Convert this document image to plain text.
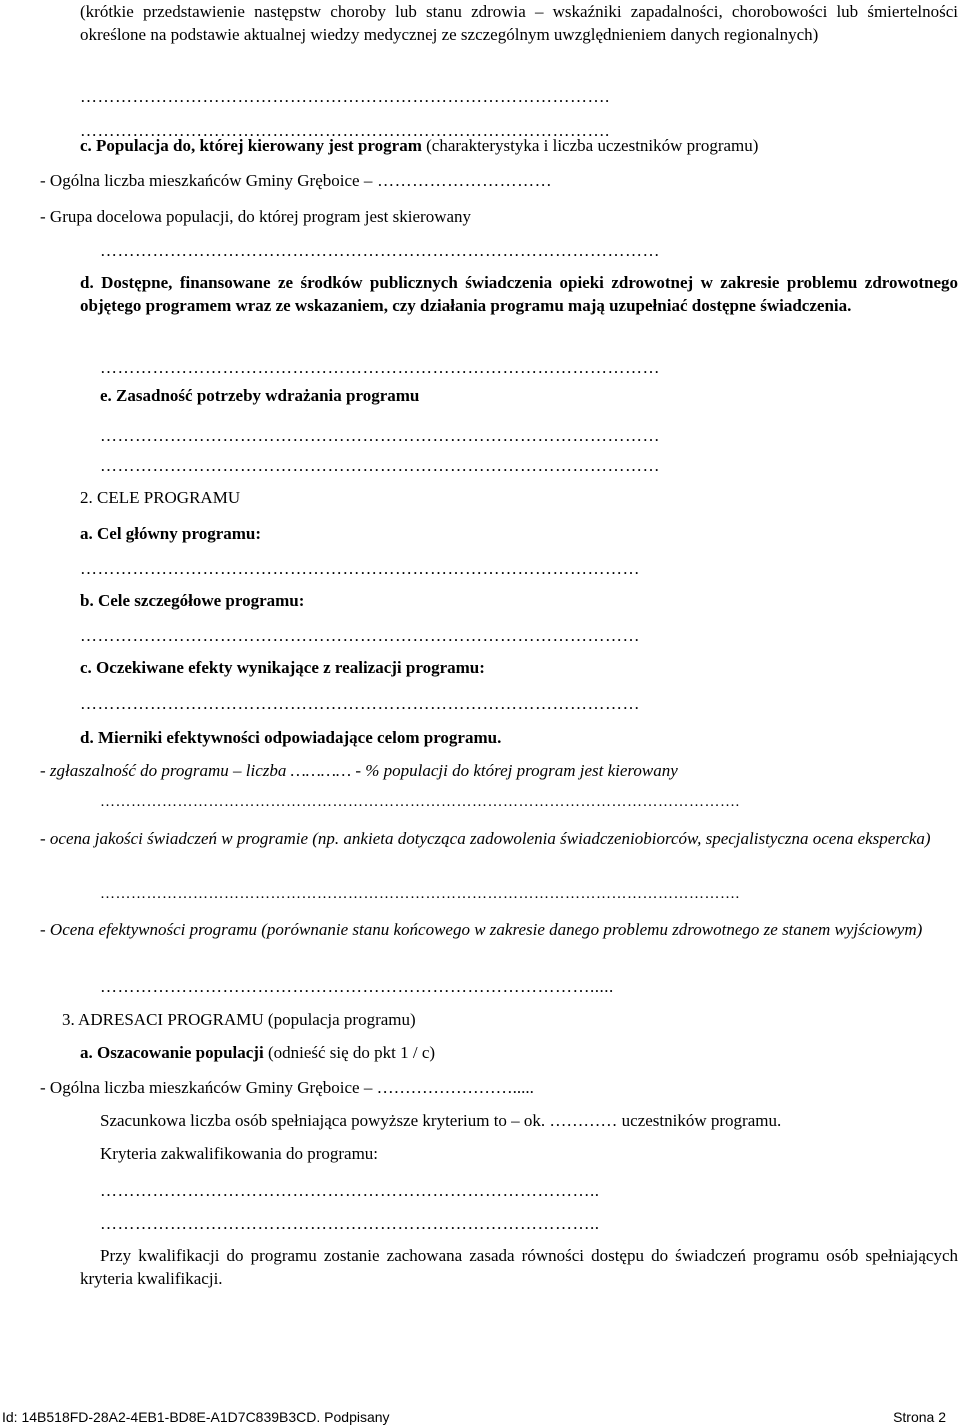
(krótkie przedstawienie następstw choroby lub stanu zdrowia – wskaźniki zapadalności, chorobowości lub śmiertelności określone na podstawie aktualnej wiedzy medycznej ze szczególnym uwzględnieniem danych regionalnych)
……………………………………………………………………………….
……………………………………………………………………………….
c. Populacja do, której kierowany jest program (charakterystyka i liczba uczestników programu)
- Ogólna liczba mieszkańców Gminy Gręboice – …………………………
- Grupa docelowa populacji, do której program jest skierowany
……………………………………………………………………………………
d. Dostępne, finansowane ze środków publicznych świadczenia opieki zdrowotnej w zakresie problemu zdrowotnego objętego programem wraz ze wskazaniem, czy działania programu mają uzupełniać dostępne świadczenia.
……………………………………………………………………………………
e. Zasadność potrzeby wdrażania programu
……………………………………………………………………………………
……………………………………………………………………………………
2. CELE PROGRAMU
a. Cel główny programu:
……………………………………………………………………………………
b. Cele szczegółowe programu:
……………………………………………………………………………………
c. Oczekiwane efekty wynikające z realizacji programu:
……………………………………………………………………………………
d. Mierniki efektywności odpowiadające celom programu.
- zgłaszalność do programu – liczba ………… - % populacji do której program jest kierowany
…………………………………………………………………………………………………………….
- ocena jakości świadczeń w programie (np. ankieta dotycząca zadowolenia świadczeniobiorców, specjalistyczna ocena ekspercka)
…………………………………………………………………………………………………………….
- Ocena efektywności programu (porównanie stanu końcowego w zakresie danego problemu zdrowotnego ze stanem wyjściowym)
………………………………………………………………………….....
3. ADRESACI PROGRAMU (populacja programu)
a. Oszacowanie populacji (odnieść się do pkt 1 / c)
- Ogólna liczba mieszkańców Gminy Gręboice – …………………….....
Szacunkowa liczba osób spełniająca powyższe kryterium to – ok. ………… uczestników programu.
Kryteria zakwalifikowania do programu:
…………………………………………………………………………..
…………………………………………………………………………..
Przy kwalifikacji do programu zostanie zachowana zasada równości dostępu do świadczeń programu osób spełniających kryteria kwalifikacji.
Id: 14B518FD-28A2-4EB1-BD8E-A1D7C839B3CD. Podpisany	Strona 2
